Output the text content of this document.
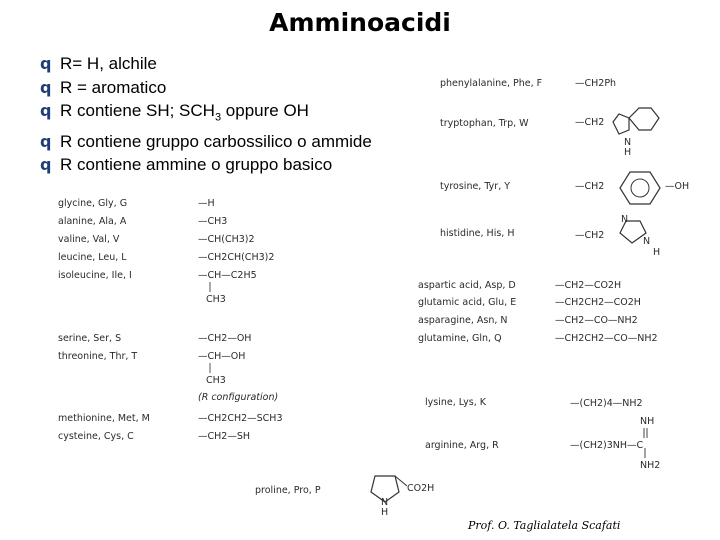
Amminoacidi
q R= H, alchile
q R = aromatico
q R contiene SH; $SCH_3$ oppure OH
q R contiene gruppo carbossilico o ammide
q R contiene ammine o gruppo basico
glycine, Gly, G	—H
alanine, Ala, A	—CH3
valine, Val, V	—CH(CH3)2
leucine, Leu, L	—CH2CH(CH3)2
isoleucine, Ile, I	—CH—C2H5
CH3
serine, Ser, S	—CH2—OH
threonine, Thr, T	—CH—OH
CH3
(R configuration)
methionine, Met, M	—CH2CH2—SCH3
cysteine, Cys, C	—CH2—SH
proline, Pro, P	CO2H
N
H
phenylalanine, Phe, F	—CH2Ph
tryptophan, Trp, W	—CH2
N
H
tyrosine, Tyr, Y	—CH2	—OH
histidine, His, H	—CH2
N
N
H
aspartic acid, Asp, D	—CH2—CO2H
glutamic acid, Glu, E	—CH2CH2—CO2H
asparagine, Asn, N	—CH2—CO—NH2
glutamine, Gln, Q	—CH2CH2—CO—NH2
lysine, Lys, K	—(CH2)4—NH2
arginine, Arg, R	—(CH2)3NH—C
NH
NH2
Prof. O. Taglialatela Scafati
